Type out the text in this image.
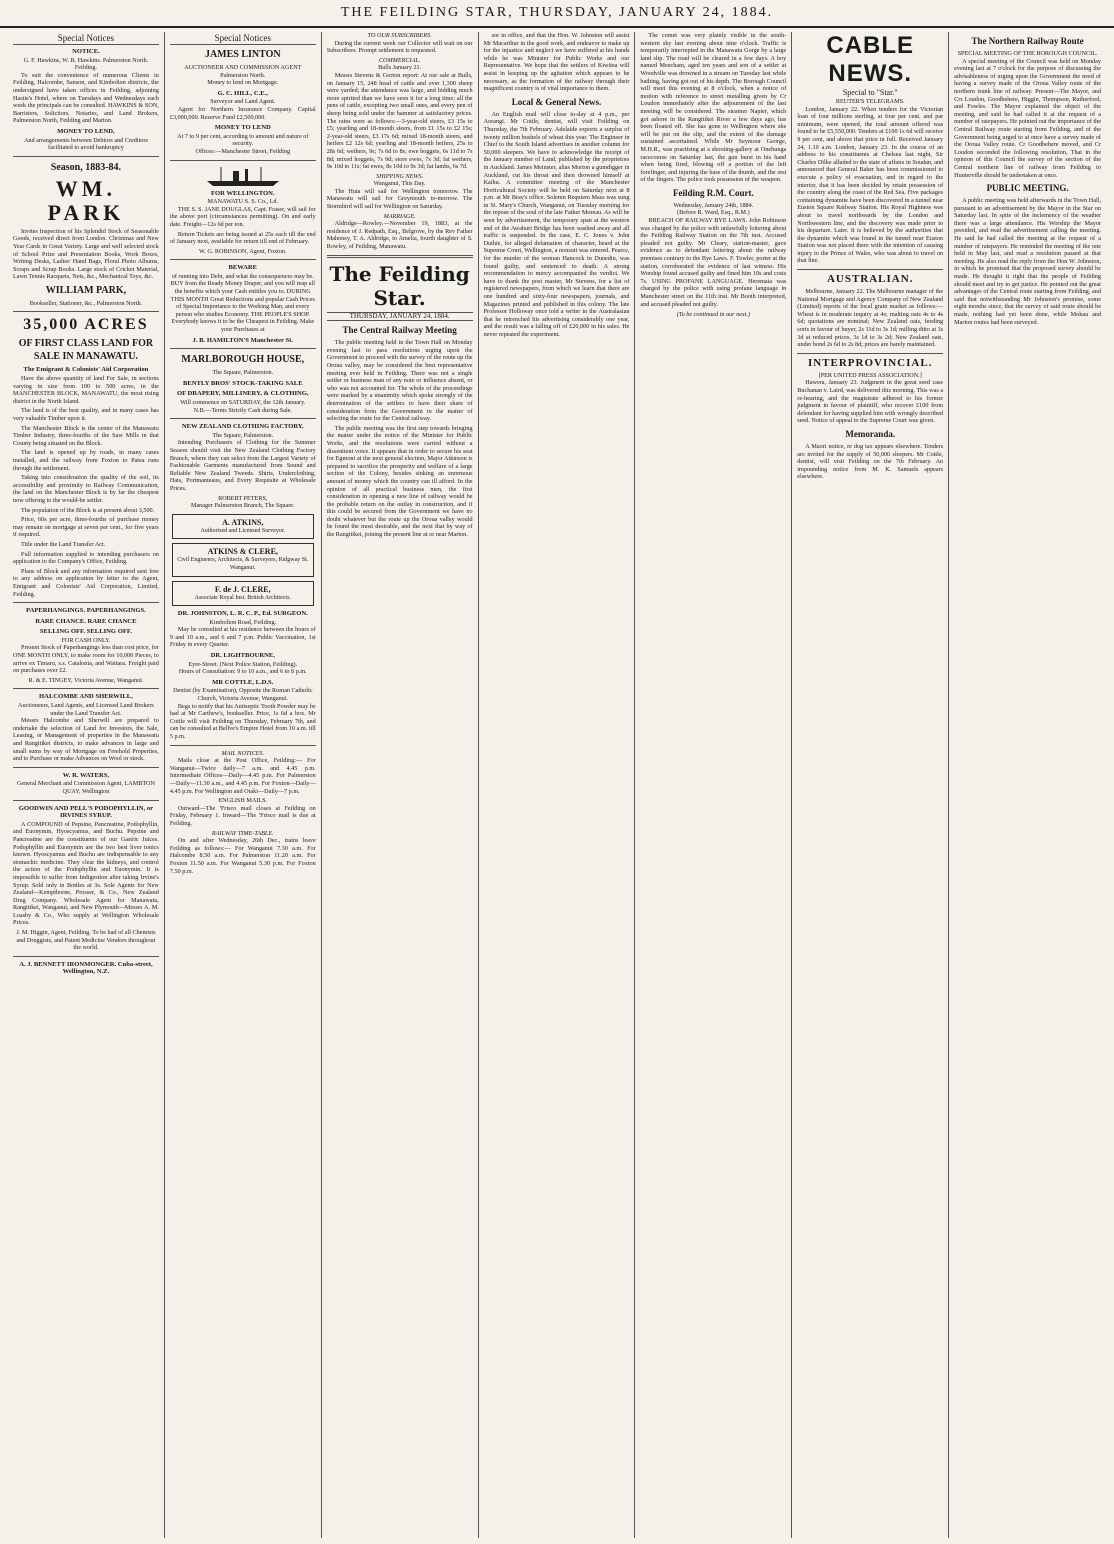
THE FEILDING STAR, THURSDAY, JANUARY 24, 1884.
Special Notices
NOTICE.
G. F. Hawkins, W. B. Hawkins. Palmerston North. Feilding.

To suit the convenience of numerous Clients in Feilding, Halcombe, Sanson, and Kimbolton districts, the undersigned have taken offices in Feilding, adjoining Hastie's Hotel, where on Tuesdays and Wednesdays each week the principals can be consulted. HAWKINS & SON, Barristers, Solicitors, Notaries, and Land Brokers, Palmerston North, Feilding and Marton.

MONEY TO LEND,
And arrangements between Debtors and Creditors facilitated to avoid bankruptcy
Season, 1883-84.
WM. PARK

Invites Inspection of his Splendid Stock of Seasonable Goods, received direct from London. Christmas and New Year Cards in Great Variety. Large and well selected stock of School Prize and Presentation Books, Work Boxes, Writing Desks, Ladies' Hand Bags, Floral Photo Albums, Scraps and Scrap Books. Large stock of Cricket Material, Lawn Tennis Racquets, Nets, &c., Mechanical Toys, &c.

WILLIAM PARK,
Bookseller, Stationer, &c., Palmerston North.
35,000 ACRES
OF FIRST CLASS LAND FOR SALE IN MANAWATU.
The Emigrant & Colonists' Aid Corporation

Have the above quantity of land For Sale, in sections varying in size from 100 to 500 acres, in the MANCHESTER BLOCK, MANAWATU, the most rising district in the North Island.

The land is of the best quality, and in many cases has very valuable Timber upon it.

The Manchester Block is the centre of the Manawatu Timber Industry, three-fourths of the Saw Mills in that County being situated on the Block.

The land is opened up by roads, in many cases metalled, and the railway from Foxton to Patea runs through the settlement.

Taking into consideration the quality of the soil, its accessibility and proximity to Railway Communication, the land on the Manchester Block is by far the cheapest now offering to the would-be settler.

The population of the Block is at present about 3,500.

Price, 60s per acre, three-fourths of purchase money may remain on mortgage at seven per cent., for five years if required.

Title under the Land Transfer Act.

Full information supplied to intending purchasers on application to the Company's Office, Feilding.

Plans of Block and any information required sent free to any address on application by letter to the Agent, Emigrant and Colonists' Aid Corporation, Limited, Feilding.

PAPERHANGINGS. PAPERHANGINGS.
RARE CHANCE. RARE CHANCE
SELLING OFF. SELLING OFF.
FOR CASH ONLY.

Present Stock of Paperhangings less than cost price, for ONE MONTH ONLY, to make room for 10,000 Pieces, to arrive ex Timaru, s.s. Catalonia, and Waitara. Freight paid on purchases over £2.

R. & E. TINGEY, Victoria Avenue, Wanganui.
HALCOMBE AND SHERWILL,
Auctioneers, Land Agents, and Licensed Land Brokers under the Land Transfer Act.

Messrs Halcombe and Sherwill are prepared to undertake the selection of Land for Investors, the Sale, Leasing, or Management of properties in the Manawatu and Rangitikei districts, to make advances in large and small sums by way of Mortgage on Freehold Properties, and to Purchase or make Advances on Wool or stock.

W. R. WATERS,
General Merchant and Commission Agent, LAMBTON QUAY, Wellington
GOODWIN AND PELL'S PODOPHYLLIN, or IRVINES SYRUP.

A COMPOUND of Pepsine, Pancreatine, Podophyllin, and Euonymin, Hyoscyamus, and Buchu. Pepsine and Pancreatine are the constituents of our Gastric Juices. Podophyllin and Euonymin are the two best liver tonics known. Hyoscyamus and Buchu are indispensable to any stomachic medicine. They clear the kidneys, and control the action of the Podophyllin and Euonymin. It is impossible to suffer from Indigestion after taking Irvine's Syrup. Sold only in Bottles at 3s. Sole Agents for New Zealand—Kempthorne, Prosser, & Co., New Zealand Drug Company. Wholesale Agent for Manawatu, Rangitikei, Wanganui, and New Plymouth—Messrs A. M. Loasby & Co., Who supply at Wellington Wholesale Prices.

J. M. Higgin, Agent, Feilding. To be had of all Chemists and Druggists, and Patent Medicine Vendors throughout the world.
A. J. BENNETT IRONMONGER. Cuba-street, Wellington, N.Z.
Special Notices
JAMES LINTON
AUCTIONEER AND COMMISSION AGENT
Palmerston North.
Money to lend on Mortgage.
G. C. HILL, C.E.,
Surveyor and Land Agent.

Agent for Northern Insurance Company. Capital £3,000,000. Reserve Fund £2,500,000.

MONEY TO LEND
At 7 to 9 per cent, according to amount and nature of security.
Offices:—Manchester Street, Feilding
FOR WELLINGTON.
MANAWATU S. S. Co., Ld.

THE S. S. JANE DOUGLAS, Capt. Fraser, will sail for the above port (circumstances permitting). On and early date. Freight—12s 6d per ton.

Return Tickets are being issued at 25s each till the end of January next, available for return till end of February.

W. G. ROBINSON, Agent, Foxton.
BEWARE

of running into Debt, and what the consequences may be. BUY from the Ready Money Draper, and you will reap all the benefits which your Cash entitles you to. DURING THIS MONTH Great Reductions and popular Cash Prices of Special Importance to the Working Man, and every person who studies Economy. THE PEOPLE'S SHOP. Everybody knows it to be the Cheapest in Feilding. Make your Purchases at

J. B. HAMILTON'S Manchester St.
MARLBOROUGH HOUSE,
The Square, Palmerston.
BENTLY BROS' STOCK-TAKING SALE
OF DRAPERY, MILLINERY, & CLOTHING,
Will commence on SATURDAY, the 12th January.
N.B.—Terms Strictly Cash during Sale.
NEW ZEALAND CLOTHING FACTORY,
The Square, Palmerston.

Intending Purchasers of Clothing for the Summer Season should visit the New Zealand Clothing Factory Branch, where they can select from the Largest Variety of Fashionable Garments manufactured from Sound and Reliable New Zealand Tweeds. Shirts, Underclothing, Hats, Portmanteaus, and Every Requisite at Wholesale Prices.

ROBERT PETERS,
Manager Palmerston Branch, The Square.
A. ATKINS,
Authorised and Licensed Surveyor.
ATKINS & CLERE,
Civil Engineers, Architects, & Surveyors, Ridgway St. Wanganui.
F. de J. CLERE,
Associate Royal Inst. British Architects.
DR. JOHNSTON, L. R. C. P., Ed. SURGEON.
Kimbolton Road, Feilding.

May be consulted at his residence between the hours of 9 and 10 a.m., and 6 and 7 p.m. Public Vaccination, 1st Friday in every Quarter.

DR. LIGHTBOURNE,
Eyre-Street. (Next Police Station, Feilding).
Hours of Consultation: 9 to 10 a.m., and 6 to 8 p.m.
MR COTTLE, L.D.S.
Dentist (by Examination), Opposite the Roman Catholic Church, Victoria Avenue, Wanganui.

Begs to notify that his Antiseptic Tooth Powder may be had at Mr Carthew's, bookseller. Price, 1s 6d a box. Mr Cottle will visit Feilding on Thursday, February 7th, and can be consulted at Bellve's Empire Hotel from 10 a.m. till 5 p.m.

MAIL NOTICES.

Mails close at the Post Office, Feilding:— For Wanganui—Twice daily—7 a.m. and 4.45 p.m. Intermediate Offices—Daily—4.45 p.m. For Palmerston—Daily—11.30 a.m., and 4.45 p.m. For Foxton—Daily—4.45 p.m. For Wellington and Otaki—Daily—7 p.m.

ENGLISH MAILS.

Outward—The 'Frisco mail closes at Feilding on Friday, February 1. Inward—The 'Frisco mail is due at Feilding.

RAILWAY TIME-TABLE.

On and after Wednesday, 26th Dec., trains leave Feilding as follows:— For Wanganui 7.30 a.m. For Halcombe 8.50 a.m. For Palmerston 11.20 a.m. For Foxton 11.50 a.m. For Wanganui 5.30 p.m. For Foxton 7.50 p.m.

TO OUR SUBSCRIBERS.

During the current week our Collector will wait on our Subscribers. Prompt settlement is requested.

COMMERCIAL.
Bulls January 21.

Messrs Stevens & Gorton report: At our sale at Bulls, on January 15, 248 head of cattle and over 1,300 sheep were yarded; the attendance was large, and bidding much more spirited than we have seen it for a long time; all the pens of cattle, excepting two small ones, and every pen of sheep being sold under the hammer at satisfactory prices. The rates were as follows:—3-year-old steers, £3 15s to £5; yearling and 18-month steers, from £1 15s to £2 15s; 2-year-old steers, £3 17s 6d; mixed 18-month steers, and heifers £2 12s 6d; yearling and 18-month heifers, 25s to 28s 6d; wethers, 9s; 7s 6d to 8s; ewe hoggets, 6s 11d to 7s 8d; mixed hoggets, 7s 9d; store ewes, 7s 3d; fat wethers, 9s 10d to 11s; fat ewes, 8s 10d to 9s 3d; fat lambs, 6s 7d.

SHIPPING NEWS.
Wanganui, This Day.

The Huia will sail for Wellington tomorrow. The Manawatu will sail for Greymouth to-morrow. The Stormbird will sail for Wellington on Saturday.

MARRIAGE.

Aldridge—Rowley.—November 19, 1883, at the residence of J. Redpath, Esq., Belgrove, by the Rev Father Mahoney, T. A. Aldridge, to Amelia, fourth daughter of S. Rowley, of Feilding, Manawatu.

The Feilding Star.
THURSDAY, JANUARY 24, 1884.
The Central Railway Meeting

The public meeting held in the Town Hall on Monday evening last to pass resolutions urging upon the Government to proceed with the survey of the route up the Oroua valley, may be considered the best representative meeting ever held in Feilding. There was not a single settler or business man of any note or influence absent, or who was not accounted for. The whole of the proceedings were marked by a unanimity which spoke strongly of the determination of the settlers to have their share of consideration from the Government in the matter of selecting the route for the Central railway.

The public meeting was the first step towards bringing the matter under the notice of the Minister for Public Works, and the resolutions were carried without a dissentient voice. It appears that in order to secure his seat for Egmont at the next general election, Major Atkinson is prepared to sacrifice the prosperity and welfare of a large section of the Colony, besides sinking an enormous amount of money which the country can ill afford. In the opinion of all practical business men, the first consideration in opening a new line of railway would be the probable return on the outlay in construction, and if this could be secured from the Government we have no doubt whatever but the route up the Oroua valley would be found the most desirable, and the next that by way of the Rangitikei, joining the present line at or near Marton.

sor in office, and that the Hon. W. Johnston will assist Mr Macarthur in the good work, and endeavor to make up for the injustice and neglect we have suffered at his hands while he was Minister for Public Works and our Representative. We hope that the settlers of Kiwitea will assist in keeping up the agitation which appears to be necessary, as the formation of the railway through their magnificent country is of vital importance to them.

Local & General News.

An English mail will close to-day at 4 p.m., per Aorangi. Mr Cottle, dentist, will visit Feilding on Thursday, the 7th February. Adelaide exports a surplus of twenty million bushels of wheat this year. The Engineer in Chief to the South Island advertises in another column for 50,000 sleepers. We have to acknowledge the receipt of the January number of Land, published by the proprietors in Auckland. James Meinster, alias Morton a gumdigger in Auckland, cut his throat and then drowned himself at Kaihu. A committee meeting of the Manchester Horticultural Society will be held on Saturday next at 8 p.m. at Mr Bray's office. Solemn Requiem Mass was sung in St. Mary's Church, Wanganui, on Tuesday morning for the repose of the soul of the late Father Moreau. As will be seen by advertisement, the temporary span at the western end of the Awahuri Bridge has been washed away and all traffic is suspended. In the case, E. C. Jones v. John Duthie, for alleged defamation of character, heard at the Supreme Court, Wellington, a nonsuit was entered. Pearce, for the murder of the woman Hancock in Dunedin, was found guilty, and sentenced to death. A strong recommendation to mercy accompanied the verdict. We have to thank the post master, Mr Stevens, for a list of registered newspapers, from which we learn that there are one hundred and sixty-four newspapers, journals, and Magazines printed and published in this colony. The late Professor Holloway once told a writer in the Australasian that he retrenched his advertising considerably one year, and the result was a falling off of £20,000 in his sales. He never repeated the experiment.

The comet was very plainly visible in the south-western sky last evening about nine o'clock. Traffic is temporarily interrupted in the Manawatu Gorge by a large land slip. The road will be cleared in a few days. A boy named Meecham, aged ten years and son of a settler at Woodville was drowned in a stream on Tuesday last while bathing, having got out of his depth. The Borough Council will meet this evening at 8 o'clock, when a notice of motion with reference to street metalling given by Cr Loudon immediately after the adjournment of the last meeting will be considered. The steamer Napier, which got ashore in the Rangitikei River a few days ago, has been floated off. She has gone to Wellington where she will be put on the slip, and the extent of the damage sustained ascertained. While Mr Seymour George, M.H.R., was practising at a shooting-gallery at Onehunga racecourse on Saturday last, the gun burst in his hand when being fired, blowing off a portion of the left forefinger, and injuring the base of the thumb, and the rest of the fingers. The police took possession of the weapon.

Feilding R.M. Court.
Wednesday, January 24th, 1884.
(Before R. Ward, Esq., R.M.)

BREACH OF RAILWAY BYE LAWS. John Robinson was charged by the police with unlawfully loitering about the Feilding Railway Station on the 7th inst. Accused pleaded not guilty. Mr Cleary, station-master, gave evidence as to defendant loitering about the railway premises contrary to the Bye Laws. F. Towler, porter at the station, corroborated the evidence of last witness. His Worship found accused guilty and fined him 10s and costs 7s. USING PROFANE LANGUAGE. Heremaia was charged by the police with using profane language in Manchester street on the 11th inst. Mr Booth interpreted, and accused pleaded not guilty.

(To be continued in our next.)
CABLE NEWS.
Special to "Star."
REUTER'S TELEGRAMS.

London, January 22. When tenders for the Victorian loan of four millions sterling, at four per cent. and par minimum, were opened, the total amount offered was found to be £5,550,000. Tenders at £100 1s 6d will receive 9 per cent, and above that price in full. Received January 24, 1.10 a.m. London, January 23. In the course of an address to his constituents at Chelsea last night, Sir Charles Dilke alluded to the state of affairs in Soudan, and announced that General Baker has been commissioned to execute a policy of evacuation, and in regard to the interior, that it has been decided by retain possession of the country along the coast of the Red Sea. Five packages containing dynamite have been discovered in a tunnel near Euston Square Railway Station. His Royal Highness was about to travel northwards by the London and Northwestern line, and the discovery was made prior to his departure. Later. It is believed by the authorities that the dynamite which was found in the tunnel near Euston Station was not placed there with the intention of causing injury to the Prince of Wales, who was about to travel on that line.

AUSTRALIAN.

Melbourne, January 22. The Melbourne manager of the National Mortgage and Agency Company of New Zealand (Limited) reports of the local grain market as follows:—Wheat is in moderate inquiry at 4s; malting oats 4s to 4s 6d; quotations are nominal; New Zealand oats, feeding sorts in favour of buyer, 2s 11d to 3s 1d; milling ditto at 3s 3d at reduced prices, 3s 1d to 3s 2d; New Zealand oats, under bond 2s 6d to 2s 8d; prices are barely maintained.

INTERPROVINCIAL.
[PER UNITED PRESS ASSOCIATION.]

Hawera, January 23. Judgment in the great seed case Buchanan v. Laird, was delivered this morning. This was a re-hearing, and the magistrate adhered to his former judgment in favour of plaintiff, who recover £100 from defendant for having supplied him with wrongly described seed. Notice of appeal to the Supreme Court was given.

Memoranda.

A Maori notice, re dog tax appears elsewhere. Tenders are invited for the supply of 50,000 sleepers. Mr Cottle, dentist, will visit Feilding on the 7th February. An impounding notice from M. K. Samuels appears elsewhere.

The Northern Railway Route
SPECIAL MEETING OF THE BOROUGH COUNCIL.

A special meeting of the Council was held on Monday evening last at 7 o'clock for the purpose of discussing the advisableness of urging upon the Government the need of having a survey made of the Oroua Valley route of the northern trunk line of railway. Present—The Mayor, and Crs Loudon, Goodbehere, Higgin, Thompson, Rutherford, and Fowles. The Mayor explained the object of the meeting, and said he had called it at the request of a number of ratepayers. He pointed out the importance of the Central Railway route starting from Feilding, and of the Government being urged to at once have a survey made of the Oroua Valley route. Cr Goodbehere moved, and Cr Loudon seconded the following resolution, That in the opinion of this Council the survey of the section of the Central northern line of railway from Feilding to Hunterville should be undertaken at once.

PUBLIC MEETING.

A public meeting was held afterwards in the Town Hall, pursuant to an advertisement by the Mayor in the Star on Saturday last. In spite of the inclemency of the weather there was a large attendance. His Worship the Mayor presided, and read the advertisement calling the meeting. He said he had called the meeting at the request of a number of ratepayers. He reminded the meeting of the one held in May last, and read a resolution passed at that meeting. He also read the reply from the Hon W. Johnston, in which he promised that the proposed survey should be made. He thought it right that the people of Feilding should meet and try to get justice. He pointed out the great advantages of the Central route starting from Feilding, and said that notwithstanding Mr Johnston's promise, some eight months since, that the survey of said route should be made, nothing had yet been done, while Mokau and Marton routes had been surveyed.
